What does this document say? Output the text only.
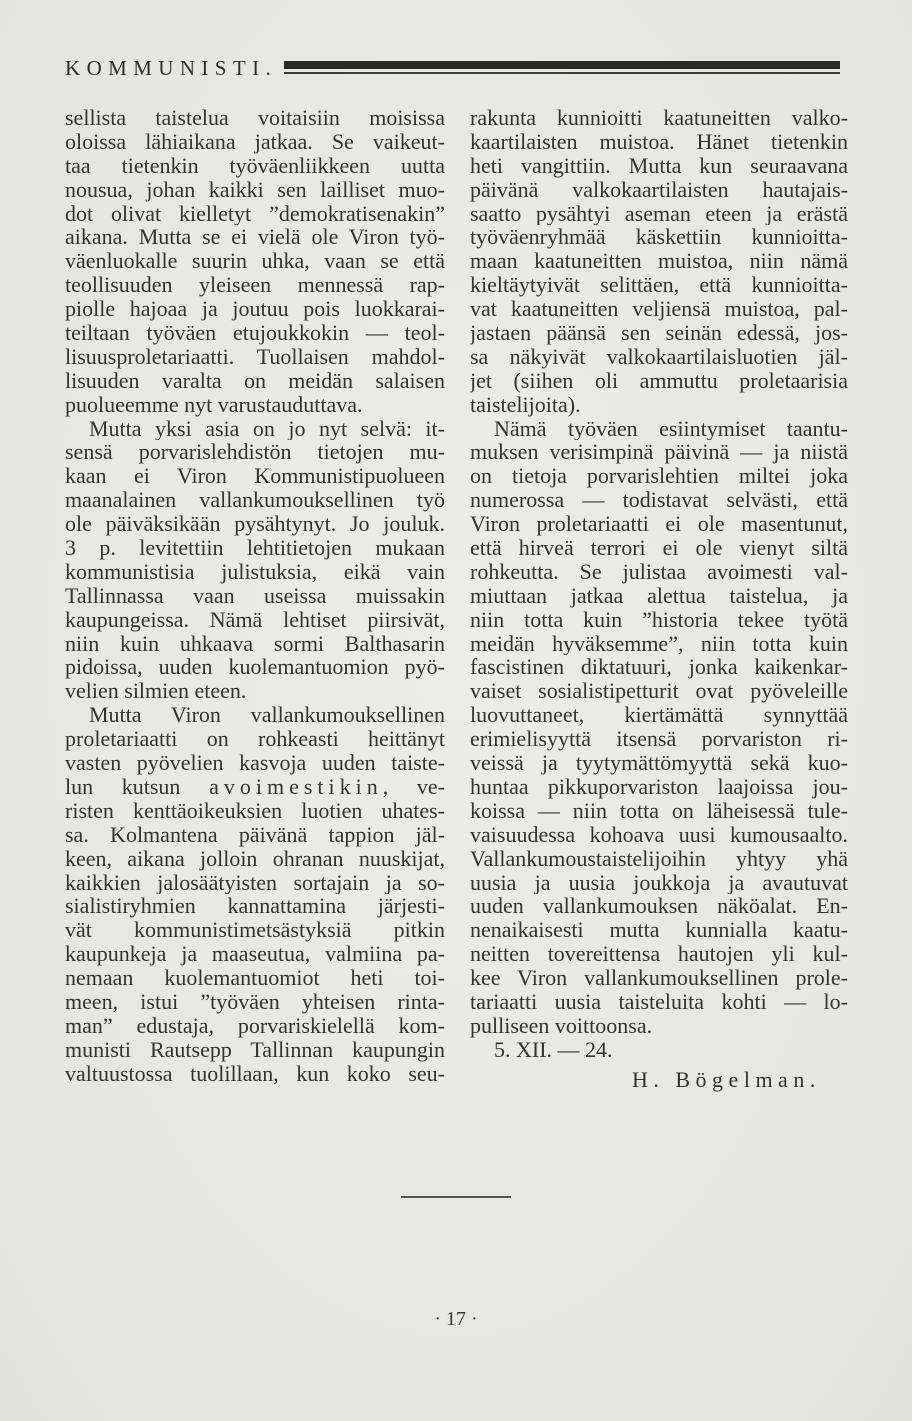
KOMMUNISTI.
sellista taistelua voitaisiin moisissa
oloissa lähiaikana jatkaa. Se vaikeut-
taa tietenkin työväenliikkeen uutta
nousua, johan kaikki sen lailliset muo-
dot olivat kielletyt ”demokratisenakin”
aikana. Mutta se ei vielä ole Viron työ-
väenluokalle suurin uhka, vaan se että
teollisuuden yleiseen mennessä rap-
piolle hajoaa ja joutuu pois luokkarai-
teiltaan työväen etujoukkokin — teol-
lisuusproletariaatti. Tuollaisen mahdol-
lisuuden varalta on meidän salaisen
puolueemme nyt varustauduttava.
Mutta yksi asia on jo nyt selvä: it-
sensä porvarislehdistön tietojen mu-
kaan ei Viron Kommunistipuolueen
maanalainen vallankumouksellinen työ
ole päiväksikään pysähtynyt. Jo jouluk.
3 p. levitettiin lehtitietojen mukaan
kommunistisia julistuksia, eikä vain
Tallinnassa vaan useissa muissakin
kaupungeissa. Nämä lehtiset piirsivät,
niin kuin uhkaava sormi Balthasarin
pidoissa, uuden kuolemantuomion pyö-
velien silmien eteen.
Mutta Viron vallankumouksellinen
proletariaatti on rohkeasti heittänyt
vasten pyövelien kasvoja uuden taiste-
lun kutsun avoimestikin, ve-
risten kenttäoikeuksien luotien uhates-
sa. Kolmantena päivänä tappion jäl-
keen, aikana jolloin ohranan nuuskijat,
kaikkien jalosäätyisten sortajain ja so-
sialistiryhmien kannattamina järjesti-
vät kommunistimetsästyksiä pitkin
kaupunkeja ja maaseutua, valmiina pa-
nemaan kuolemantuomiot heti toi-
meen, istui ”työväen yhteisen rinta-
man” edustaja, porvariskielellä kom-
munisti Rautsepp Tallinnan kaupungin
valtuustossa tuolillaan, kun koko seu-
rakunta kunnioitti kaatuneitten valko-
kaartilaisten muistoa. Hänet tietenkin
heti vangittiin. Mutta kun seuraavana
päivänä valkokaartilaisten hautajais-
saatto pysähtyi aseman eteen ja erästä
työväenryhmää käskettiin kunnioitta-
maan kaatuneitten muistoa, niin nämä
kieltäytyivät selittäen, että kunnioitta-
vat kaatuneitten veljiensä muistoa, pal-
jastaen päänsä sen seinän edessä, jos-
sa näkyivät valkokaartilaisluotien jäl-
jet (siihen oli ammuttu proletaarisia
taistelijoita).
Nämä työväen esiintymiset taantu-
muksen verisimpinä päivinä — ja niistä
on tietoja porvarislehtien miltei joka
numerossa — todistavat selvästi, että
Viron proletariaatti ei ole masentunut,
että hirveä terrori ei ole vienyt siltä
rohkeutta. Se julistaa avoimesti val-
miuttaan jatkaa alettua taistelua, ja
niin totta kuin ”historia tekee työtä
meidän hyväksemme”, niin totta kuin
fascistinen diktatuuri, jonka kaikenkar-
vaiset sosialistipetturit ovat pyöveleille
luovuttaneet, kiertämättä synnyttää
erimielisyyttä itsensä porvariston ri-
veissä ja tyytymättömyyttä sekä kuo-
huntaa pikkuporvariston laajoissa jou-
koissa — niin totta on läheisessä tule-
vaisuudessa kohoava uusi kumousaalto.
Vallankumoustaistelijoihin yhtyy yhä
uusia ja uusia joukkoja ja avautuvat
uuden vallankumouksen näköalat. En-
nenaikaisesti mutta kunnialla kaatu-
neitten tovereittensa hautojen yli kul-
kee Viron vallankumouksellinen prole-
tariaatti uusia taisteluita kohti — lo-
pulliseen voittoonsa.
5. XII. — 24.
H. Bögelman.
· 17 ·
